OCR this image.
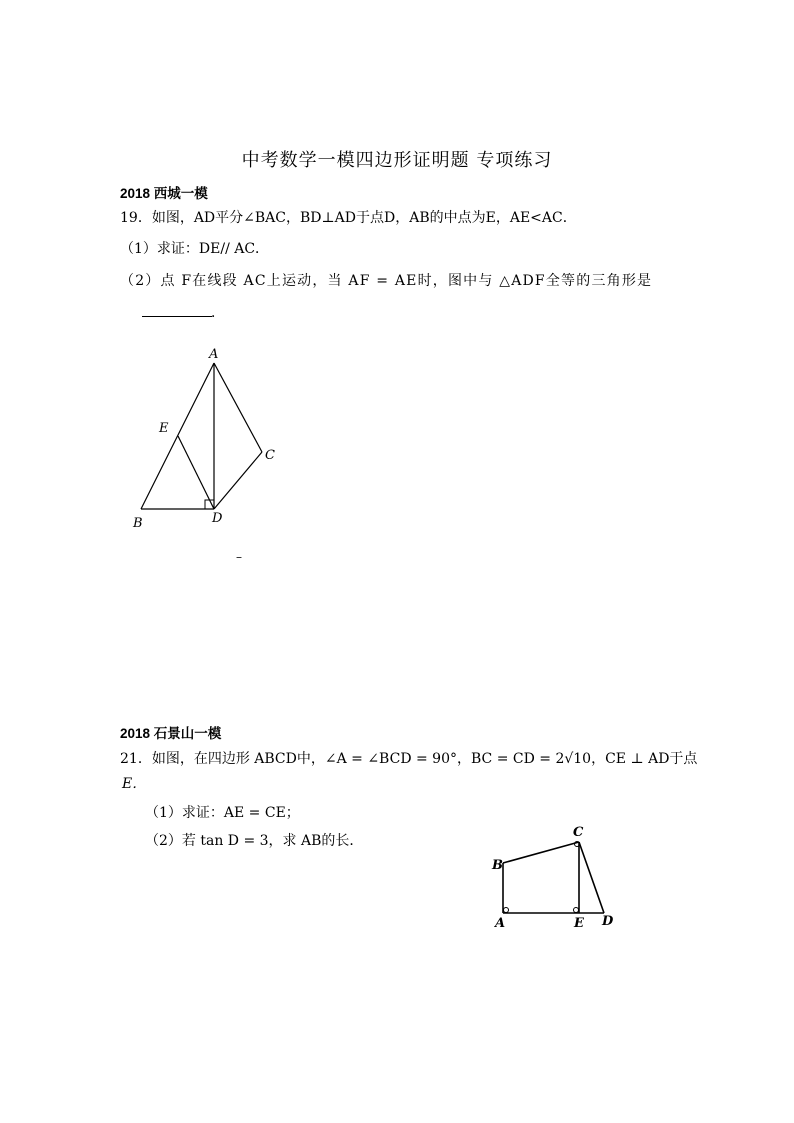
中考数学一模四边形证明题 专项练习
2018 西城一模
19．如图，AD平分∠BAC，BD⊥AD于点D，AB的中点为E，AE<AC．
（1）求证：DE// AC．
（2）点 F在线段 AC上运动，当 AF = AE时，图中与 △ADF全等的三角形是
．
A
B
C
D
E
–
C
B
A	E D
2018 石景山一模
21．如图，在四边形 ABCD中，∠A = ∠BCD = 90°，BC = CD = 2√10，CE ⊥ AD于点
E．
（1）求证：AE = CE；
（2）若 tan D = 3，求 AB的长．
